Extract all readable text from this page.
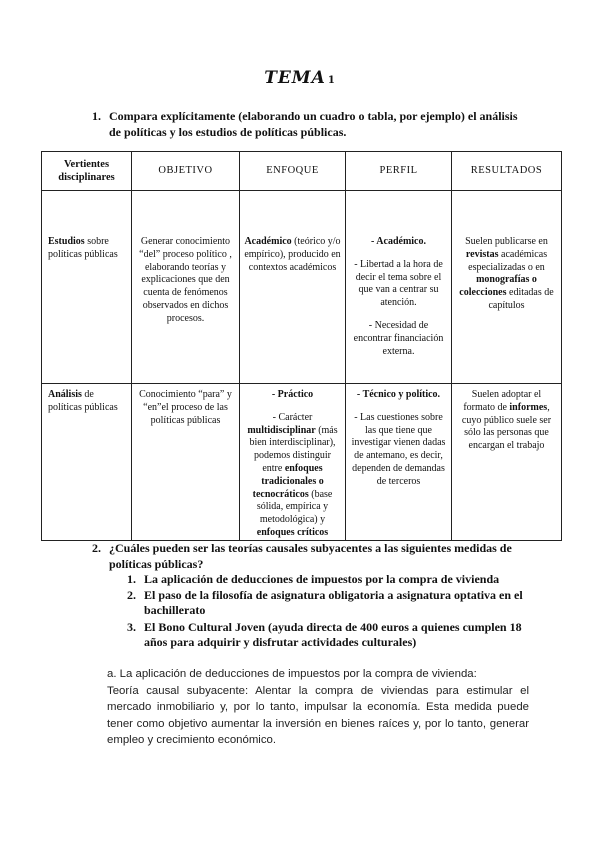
TEMA 1
1. Compara explícitamente (elaborando un cuadro o tabla, por ejemplo) el análisis de políticas y los estudios de políticas públicas.
Vertientes disciplinares	OBJETIVO	ENFOQUE	PERFIL	RESULTADOS
Estudios sobre políticas públicas	Generar conocimiento “del” proceso político , elaborando teorías y explicaciones que den cuenta de fenómenos observados en dichos procesos.	Académico (teórico y/o empírico), producido en contextos académicos	- Académico.
- Libertad a la hora de decir el tema sobre el que van a centrar su atención.
- Necesidad de encontrar financiación externa.	Suelen publicarse en revistas académicas especializadas o en monografías o colecciones editadas de capítulos
Análisis de políticas públicas	Conocimiento “para” y “en”el proceso de las políticas públicas	- Práctico
- Carácter multidisciplinar (más bien interdisciplinar), podemos distinguir entre enfoques tradicionales o tecnocráticos (base sólida, empírica y metodológica) y enfoques críticos	- Técnico y político.
- Las cuestiones sobre las que tiene que investigar vienen dadas de antemano, es decir, dependen de demandas de terceros	Suelen adoptar el formato de informes, cuyo público suele ser sólo las personas que encargan el trabajo
2. ¿Cuáles pueden ser las teorías causales subyacentes a las siguientes medidas de políticas públicas?
1. La aplicación de deducciones de impuestos por la compra de vivienda
2. El paso de la filosofía de asignatura obligatoria a asignatura optativa en el bachillerato
3. El Bono Cultural Joven (ayuda directa de 400 euros a quienes cumplen 18 años para adquirir y disfrutar actividades culturales)

a. La aplicación de deducciones de impuestos por la compra de vivienda:

Teoría causal subyacente: Alentar la compra de viviendas para estimular el mercado inmobiliario y, por lo tanto, impulsar la economía. Esta medida puede tener como objetivo aumentar la inversión en bienes raíces y, por lo tanto, generar empleo y crecimiento económico.
